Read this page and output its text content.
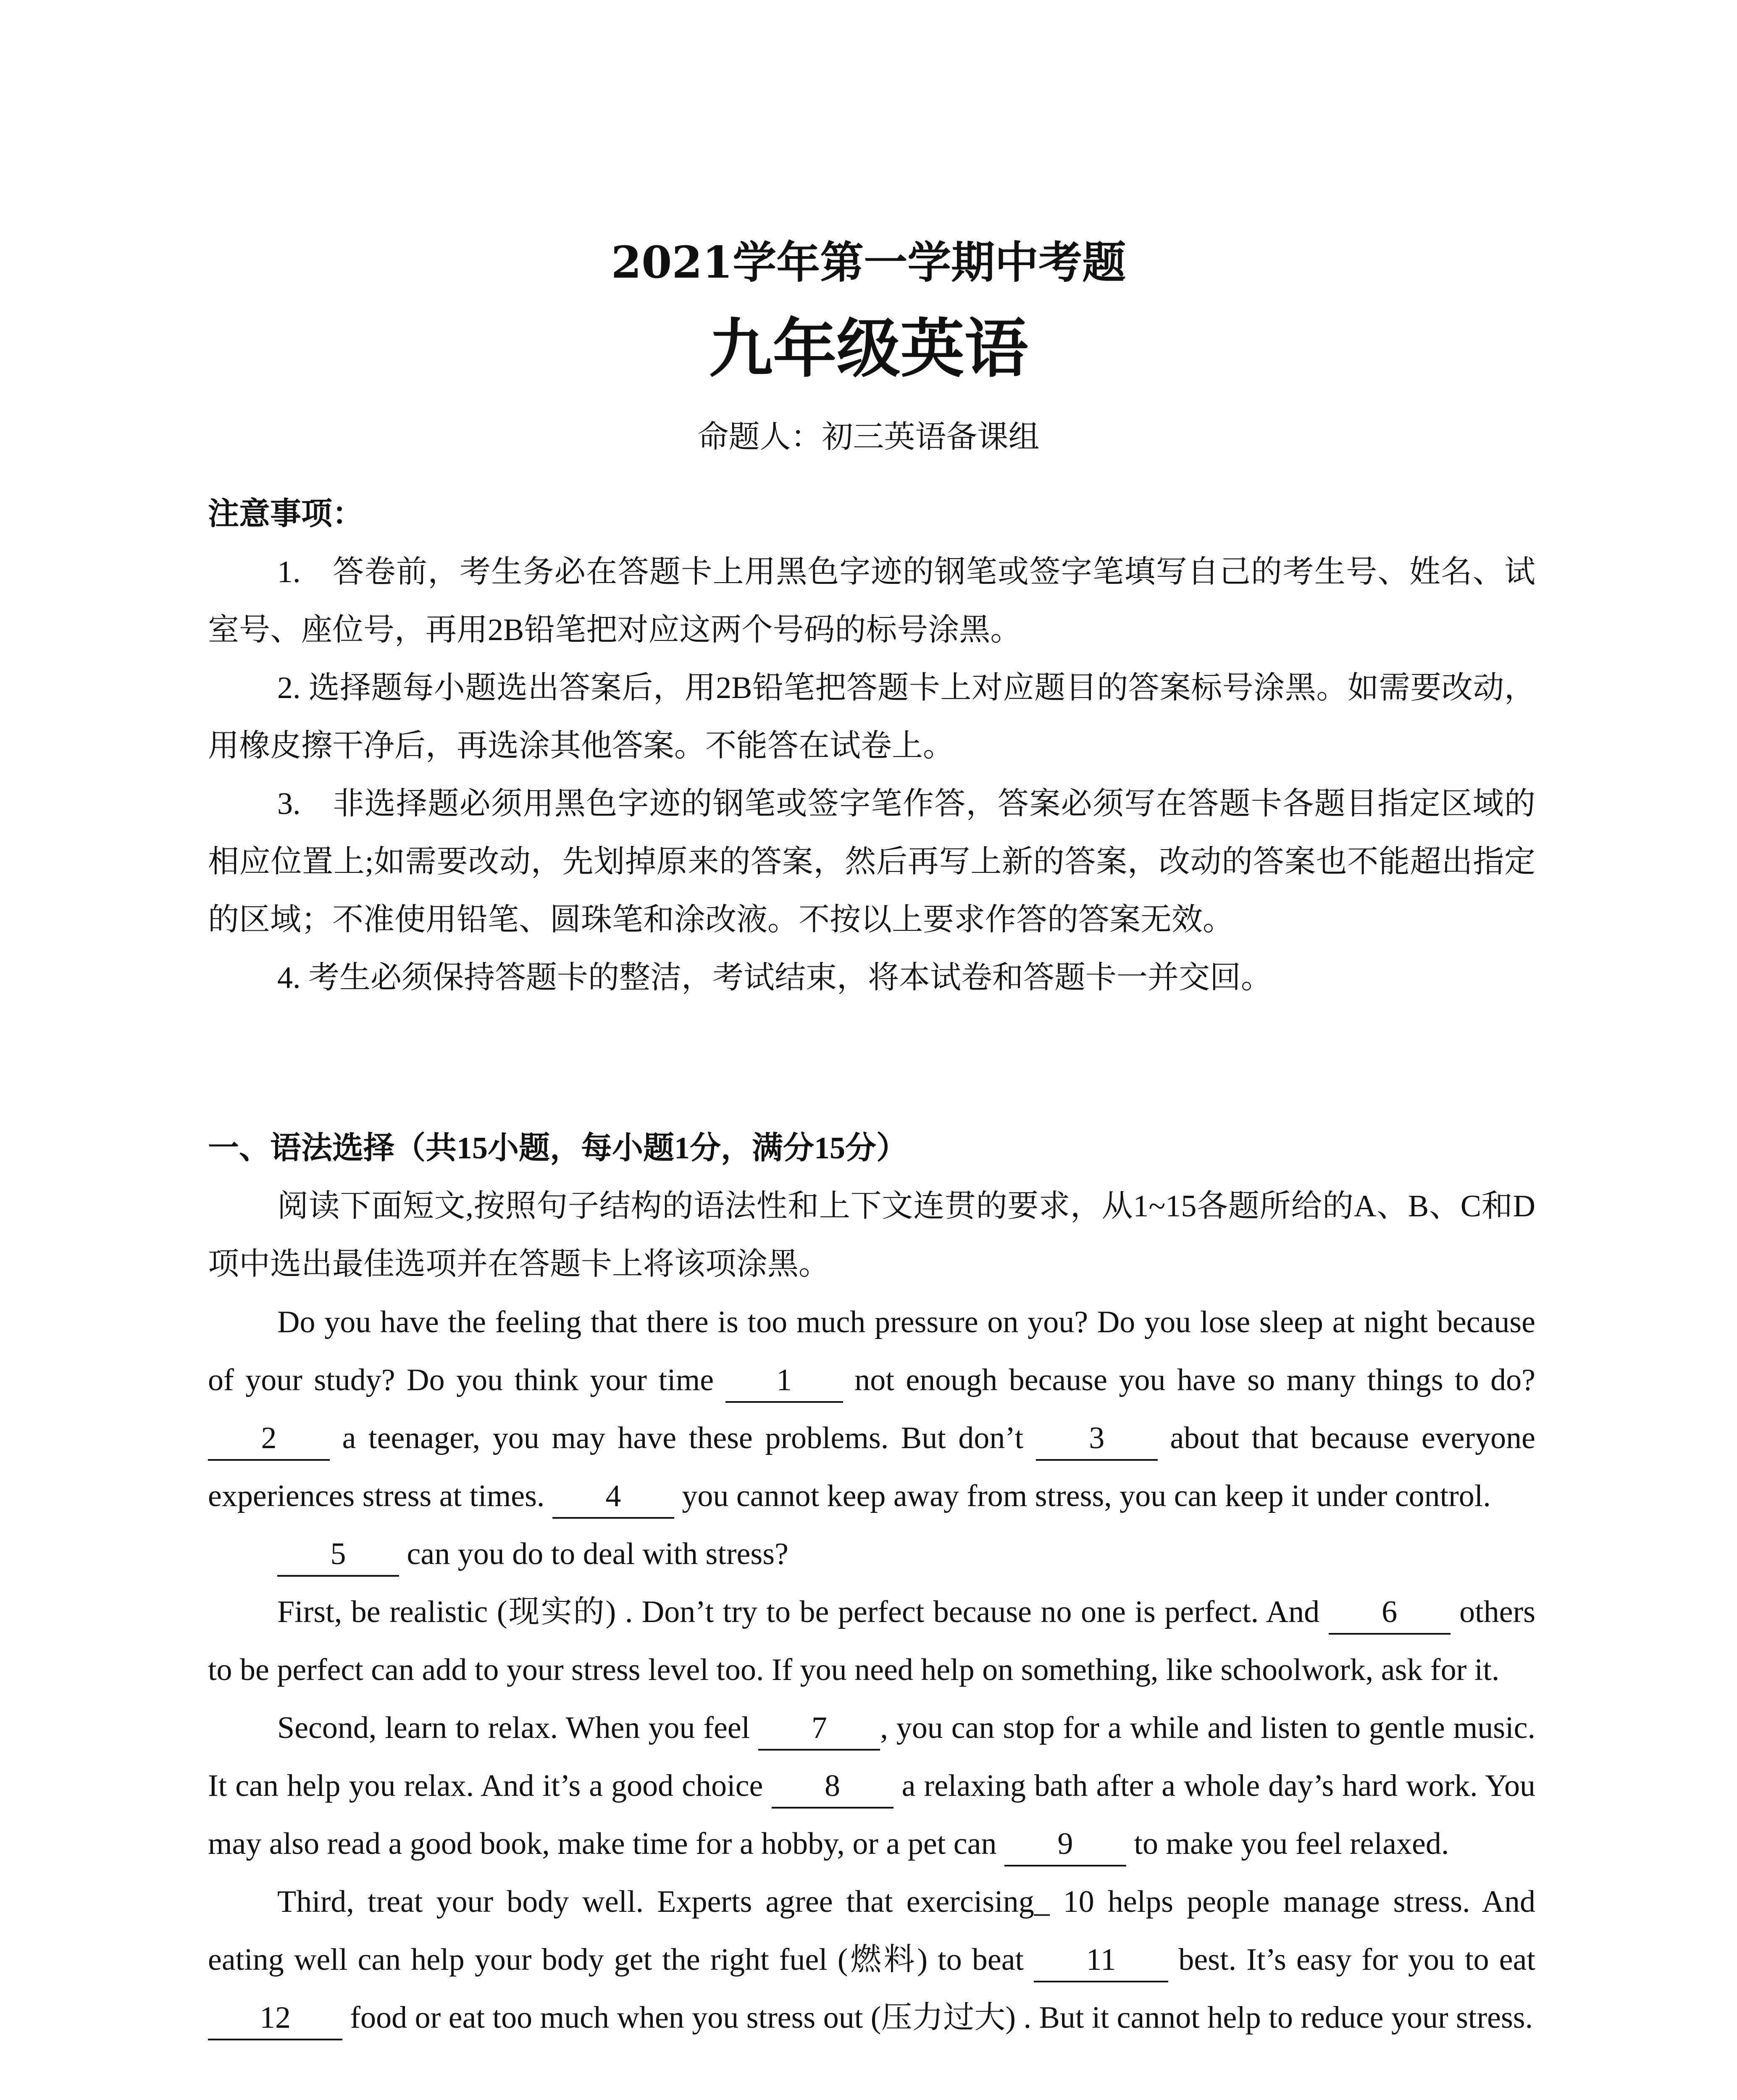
2021学年第一学期中考题
九年级英语
命题人：初三英语备课组

注意事项：

1.　答卷前，考生务必在答题卡上用黑色字迹的钢笔或签字笔填写自己的考生号、姓名、试室号、座位号，再用2B铅笔把对应这两个号码的标号涂黑。

2. 选择题每小题选出答案后，用2B铅笔把答题卡上对应题目的答案标号涂黑。如需要改动，用橡皮擦干净后，再选涂其他答案。不能答在试卷上。

3.　非选择题必须用黑色字迹的钢笔或签字笔作答，答案必须写在答题卡各题目指定区域的相应位置上;如需要改动，先划掉原来的答案，然后再写上新的答案，改动的答案也不能超出指定的区域；不准使用铅笔、圆珠笔和涂改液。不按以上要求作答的答案无效。

4. 考生必须保持答题卡的整洁，考试结束，将本试卷和答题卡一并交回。

一、语法选择（共15小题，每小题1分，满分15分）

阅读下面短文,按照句子结构的语法性和上下文连贯的要求，从1~15各题所给的A、B、C和D项中选出最佳选项并在答题卡上将该项涂黑。

Do you have the feeling that there is too much pressure on you? Do you lose sleep at night because of your study? Do you think your time 1 not enough because you have so many things to do? 2 a teenager, you may have these problems. But don’t 3 about that because everyone experiences stress at times. 4 you cannot keep away from stress, you can keep it under control.

5 can you do to deal with stress?

First, be realistic (现实的) . Don’t try to be perfect because no one is perfect. And 6 others to be perfect can add to your stress level too. If you need help on something, like schoolwork, ask for it.

Second, learn to relax. When you feel 7 , you can stop for a while and listen to gentle music. It can help you relax. And it’s a good choice 8 a relaxing bath after a whole day’s hard work. You may also read a good book, make time for a hobby, or a pet can 9 to make you feel relaxed.

Third, treat your body well. Experts agree that exercising_ 10 helps people manage stress. And eating well can help your body get the right fuel (燃料) to beat 11 best. It’s easy for you to eat 12 food or eat too much when you stress out (压力过大) . But it cannot help to reduce your stress.
